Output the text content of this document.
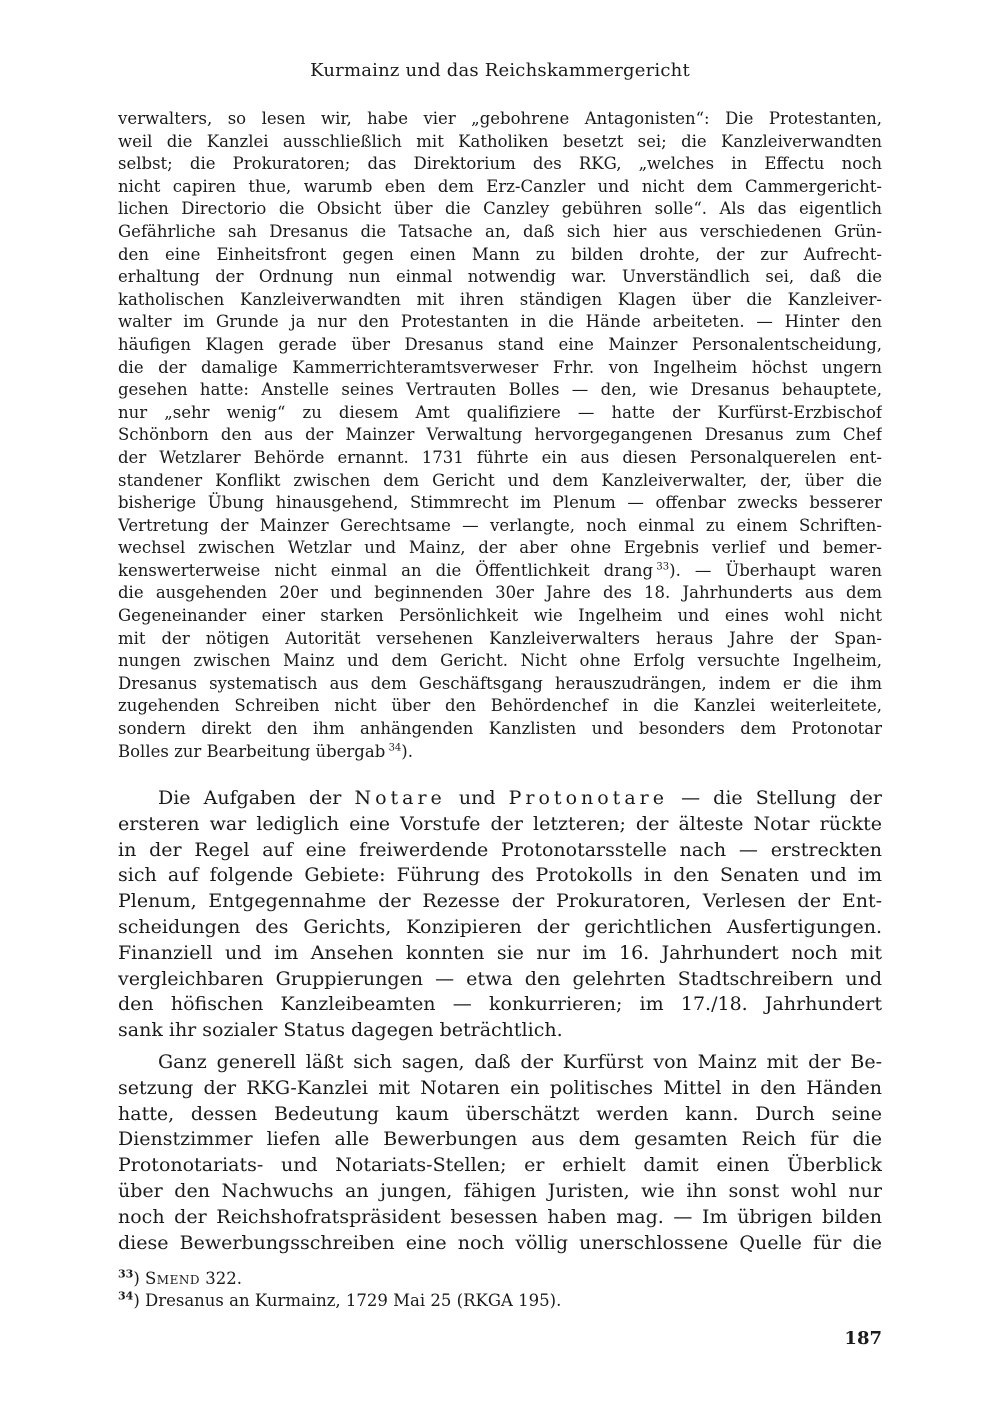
Kurmainz und das Reichskammergericht
verwalters, so lesen wir, habe vier „gebohrene Antagonisten“: Die Protestanten,
weil die Kanzlei ausschließlich mit Katholiken besetzt sei; die Kanzleiverwandten
selbst; die Prokuratoren; das Direktorium des RKG, „welches in Effectu noch
nicht capiren thue, warumb eben dem Erz-Canzler und nicht dem Cammergericht-
lichen Directorio die Obsicht über die Canzley gebühren solle“. Als das eigentlich
Gefährliche sah Dresanus die Tatsache an, daß sich hier aus verschiedenen Grün-
den eine Einheitsfront gegen einen Mann zu bilden drohte, der zur Aufrecht-
erhaltung der Ordnung nun einmal notwendig war. Unverständlich sei, daß die
katholischen Kanzleiverwandten mit ihren ständigen Klagen über die Kanzleiver-
walter im Grunde ja nur den Protestanten in die Hände arbeiteten. — Hinter den
häufigen Klagen gerade über Dresanus stand eine Mainzer Personalentscheidung,
die der damalige Kammerrichteramtsverweser Frhr. von Ingelheim höchst ungern
gesehen hatte: Anstelle seines Vertrauten Bolles — den, wie Dresanus behauptete,
nur „sehr wenig“ zu diesem Amt qualifiziere — hatte der Kurfürst-Erzbischof
Schönborn den aus der Mainzer Verwaltung hervorgegangenen Dresanus zum Chef
der Wetzlarer Behörde ernannt. 1731 führte ein aus diesen Personalquerelen ent-
standener Konflikt zwischen dem Gericht und dem Kanzleiverwalter, der, über die
bisherige Übung hinausgehend, Stimmrecht im Plenum — offenbar zwecks besserer
Vertretung der Mainzer Gerechtsame — verlangte, noch einmal zu einem Schriften-
wechsel zwischen Wetzlar und Mainz, der aber ohne Ergebnis verlief und bemer-
kenswerterweise nicht einmal an die Öffentlichkeit drang  $^{33}$). — Überhaupt waren
die ausgehenden 20er und beginnenden 30er Jahre des 18. Jahrhunderts aus dem
Gegeneinander einer starken Persönlichkeit wie Ingelheim und eines wohl nicht
mit der nötigen Autorität versehenen Kanzleiverwalters heraus Jahre der Span-
nungen zwischen Mainz und dem Gericht. Nicht ohne Erfolg versuchte Ingelheim,
Dresanus systematisch aus dem Geschäftsgang herauszudrängen, indem er die ihm
zugehenden Schreiben nicht über den Behördenchef in die Kanzlei weiterleitete,
sondern direkt den ihm anhängenden Kanzlisten und besonders dem Protonotar
Bolles zur Bearbeitung übergab  $^{34}$).
Die Aufgaben der Notare und Protonotare — die Stellung der
ersteren war lediglich eine Vorstufe der letzteren; der älteste Notar rückte
in der Regel auf eine freiwerdende Protonotarsstelle nach — erstreckten
sich auf folgende Gebiete: Führung des Protokolls in den Senaten und im
Plenum, Entgegennahme der Rezesse der Prokuratoren, Verlesen der Ent-
scheidungen des Gerichts, Konzipieren der gerichtlichen Ausfertigungen.
Finanziell und im Ansehen konnten sie nur im 16. Jahrhundert noch mit
vergleichbaren Gruppierungen — etwa den gelehrten Stadtschreibern und
den höfischen Kanzleibeamten — konkurrieren; im 17./18. Jahrhundert
sank ihr sozialer Status dagegen beträchtlich.
Ganz generell läßt sich sagen, daß der Kurfürst von Mainz mit der Be-
setzung der RKG-Kanzlei mit Notaren ein politisches Mittel in den Händen
hatte, dessen Bedeutung kaum überschätzt werden kann. Durch seine
Dienstzimmer liefen alle Bewerbungen aus dem gesamten Reich für die
Protonotariats- und Notariats-Stellen; er erhielt damit einen Überblick
über den Nachwuchs an jungen, fähigen Juristen, wie ihn sonst wohl nur
noch der Reichshofratspräsident besessen haben mag. — Im übrigen bilden
diese Bewerbungsschreiben eine noch völlig unerschlossene Quelle für die
$^{33}$) Smend 322.
$^{34}$) Dresanus an Kurmainz, 1729 Mai 25 (RKGA 195).
187
